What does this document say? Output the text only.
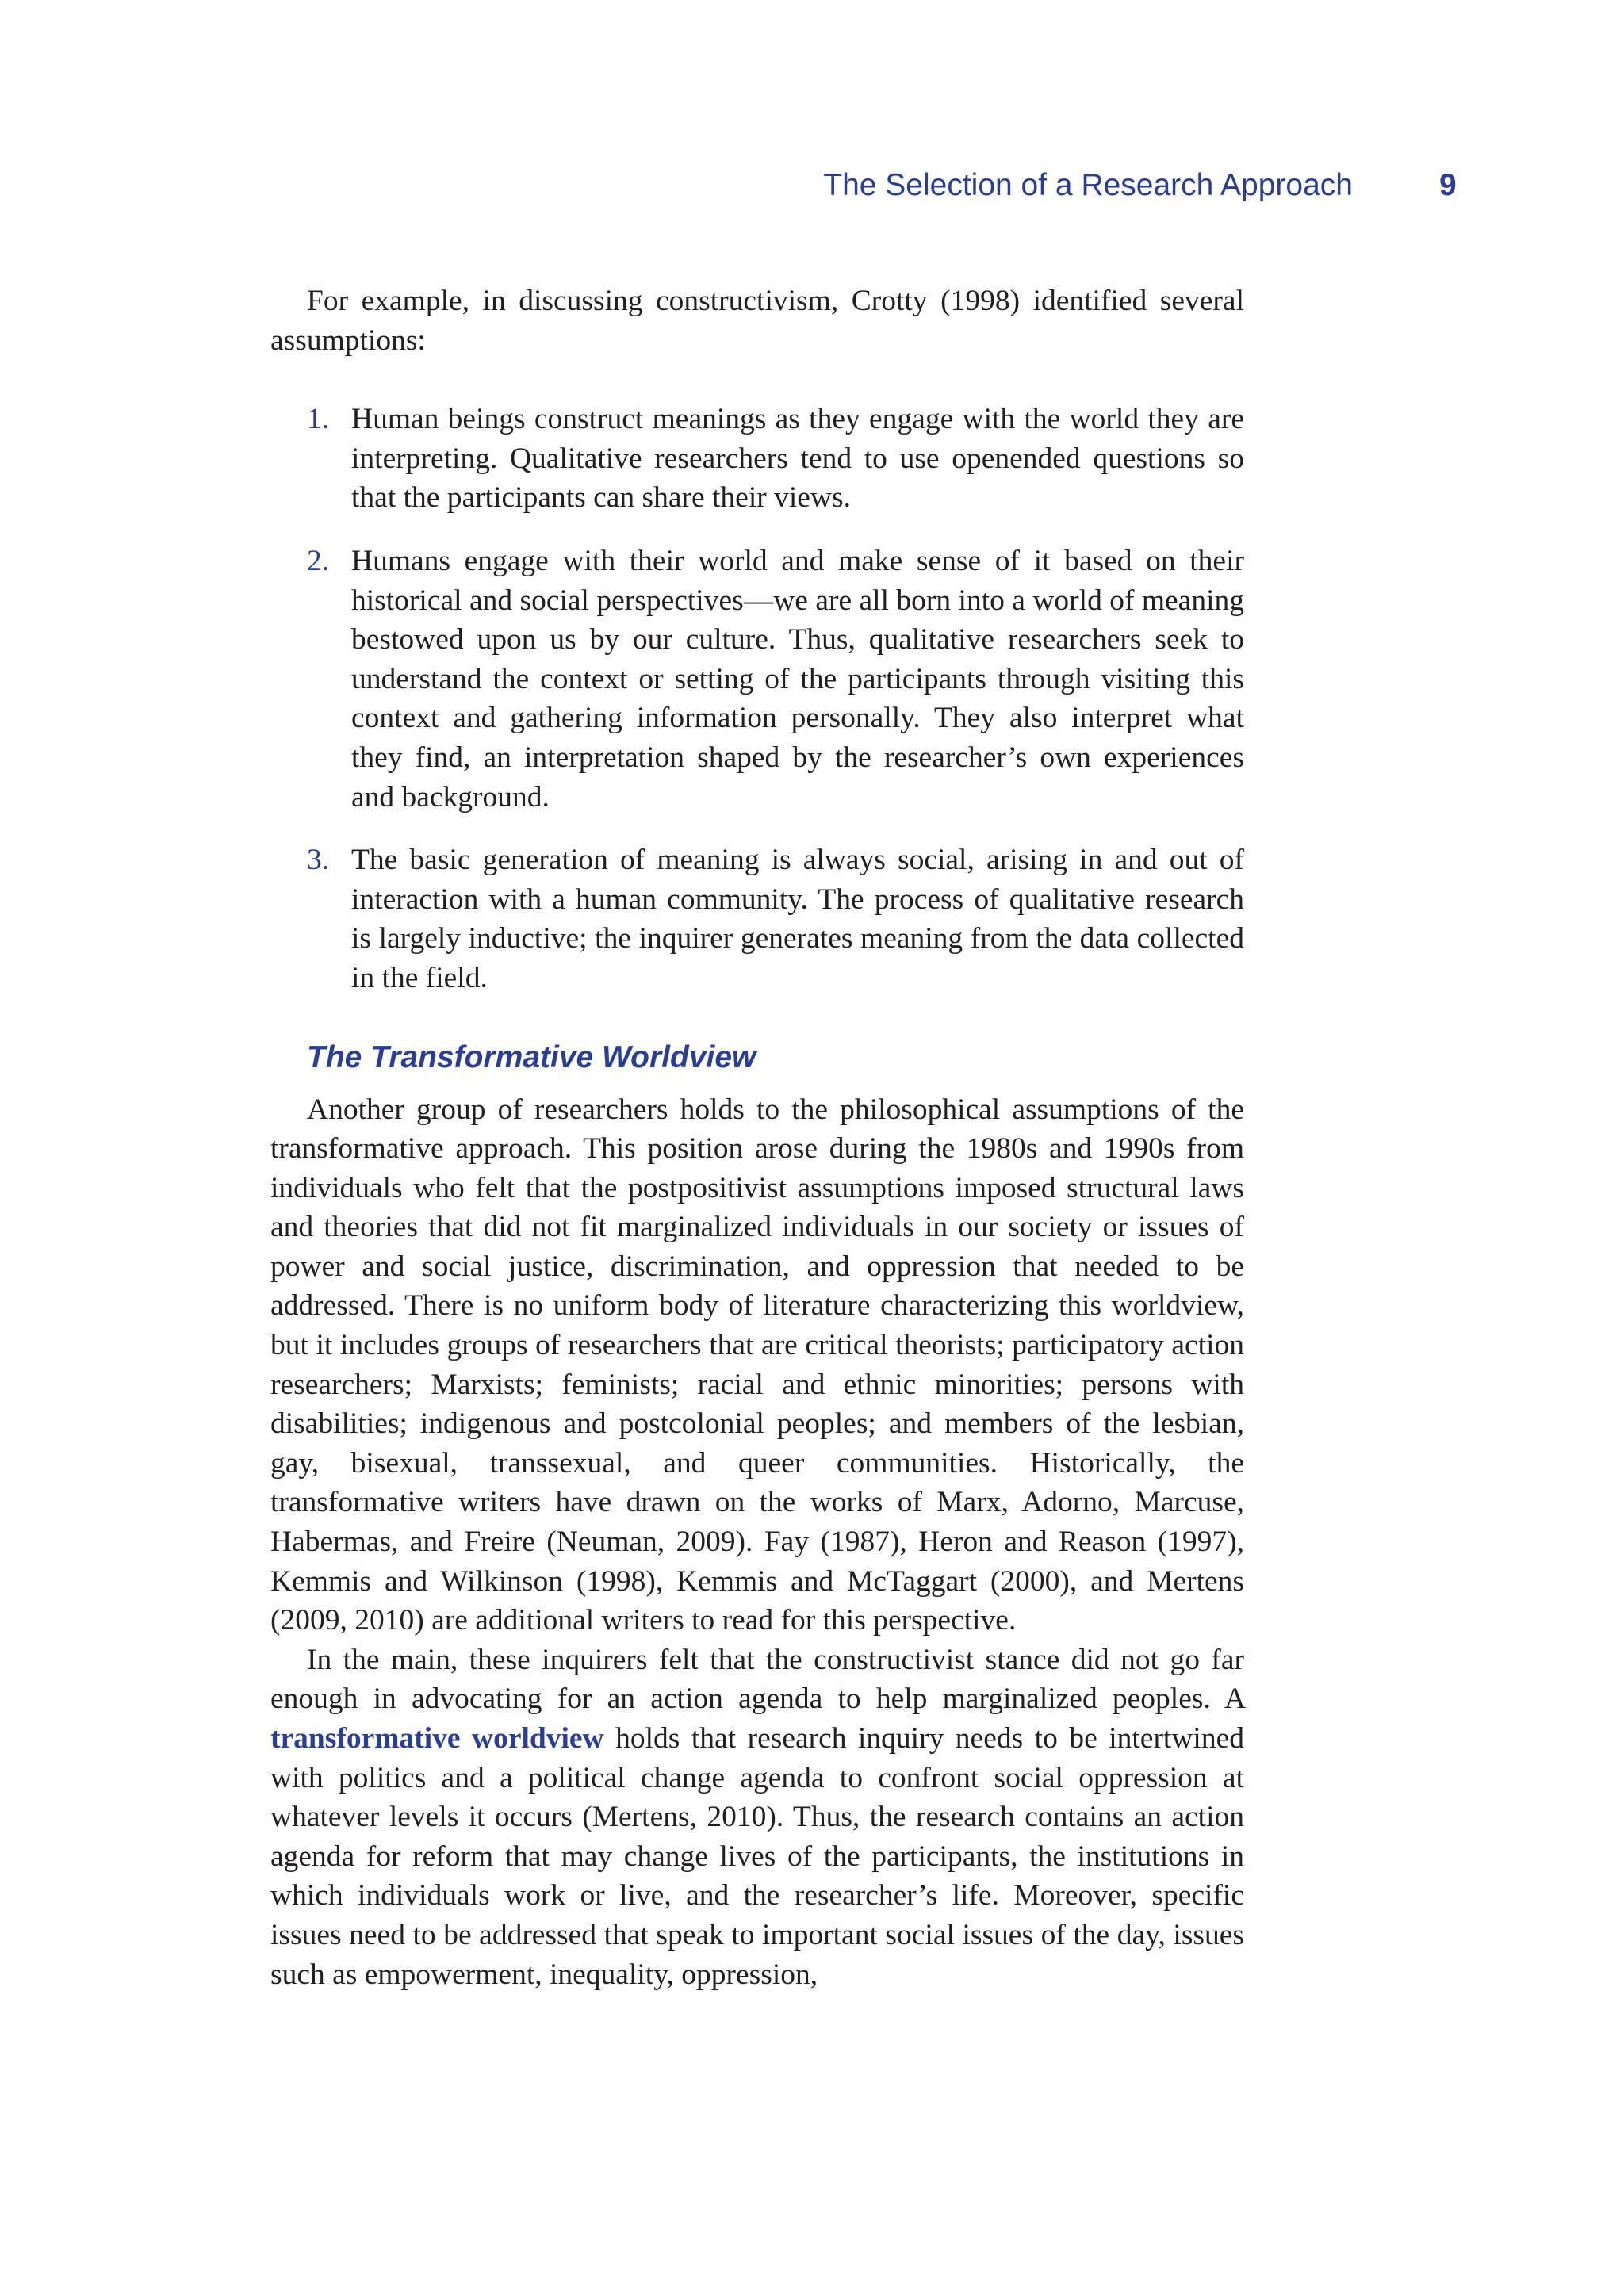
The Selection of a Research Approach	9

For example, in discussing constructivism, Crotty (1998) identified several assumptions:

1. Human beings construct meanings as they engage with the world they are interpreting. Qualitative researchers tend to use openended questions so that the participants can share their views.
2. Humans engage with their world and make sense of it based on their historical and social perspectives—we are all born into a world of meaning bestowed upon us by our culture. Thus, qualitative researchers seek to understand the context or setting of the participants through visiting this context and gathering information personally. They also interpret what they find, an interpretation shaped by the researcher’s own experiences and background.
3. The basic generation of meaning is always social, arising in and out of interaction with a human community. The process of qualitative research is largely inductive; the inquirer generates meaning from the data collected in the field.
The Transformative Worldview

Another group of researchers holds to the philosophical assumptions of the transformative approach. This position arose during the 1980s and 1990s from individuals who felt that the postpositivist assumptions imposed structural laws and theories that did not fit marginalized individuals in our society or issues of power and social justice, discrimination, and oppression that needed to be addressed. There is no uniform body of literature characterizing this worldview, but it includes groups of researchers that are critical theorists; participatory action researchers; Marxists; feminists; racial and ethnic minorities; persons with disabilities; indigenous and postcolonial peoples; and members of the lesbian, gay, bisexual, transsexual, and queer communities. Historically, the transformative writers have drawn on the works of Marx, Adorno, Marcuse, Habermas, and Freire (Neuman, 2009). Fay (1987), Heron and Reason (1997), Kemmis and Wilkinson (1998), Kemmis and McTaggart (2000), and Mertens (2009, 2010) are additional writers to read for this perspective.

In the main, these inquirers felt that the constructivist stance did not go far enough in advocating for an action agenda to help marginalized peoples. A transformative worldview holds that research inquiry needs to be intertwined with politics and a political change agenda to confront social oppression at whatever levels it occurs (Mertens, 2010). Thus, the research contains an action agenda for reform that may change lives of the participants, the institutions in which individuals work or live, and the researcher’s life. Moreover, specific issues need to be addressed that speak to important social issues of the day, issues such as empowerment, inequality, oppression,
